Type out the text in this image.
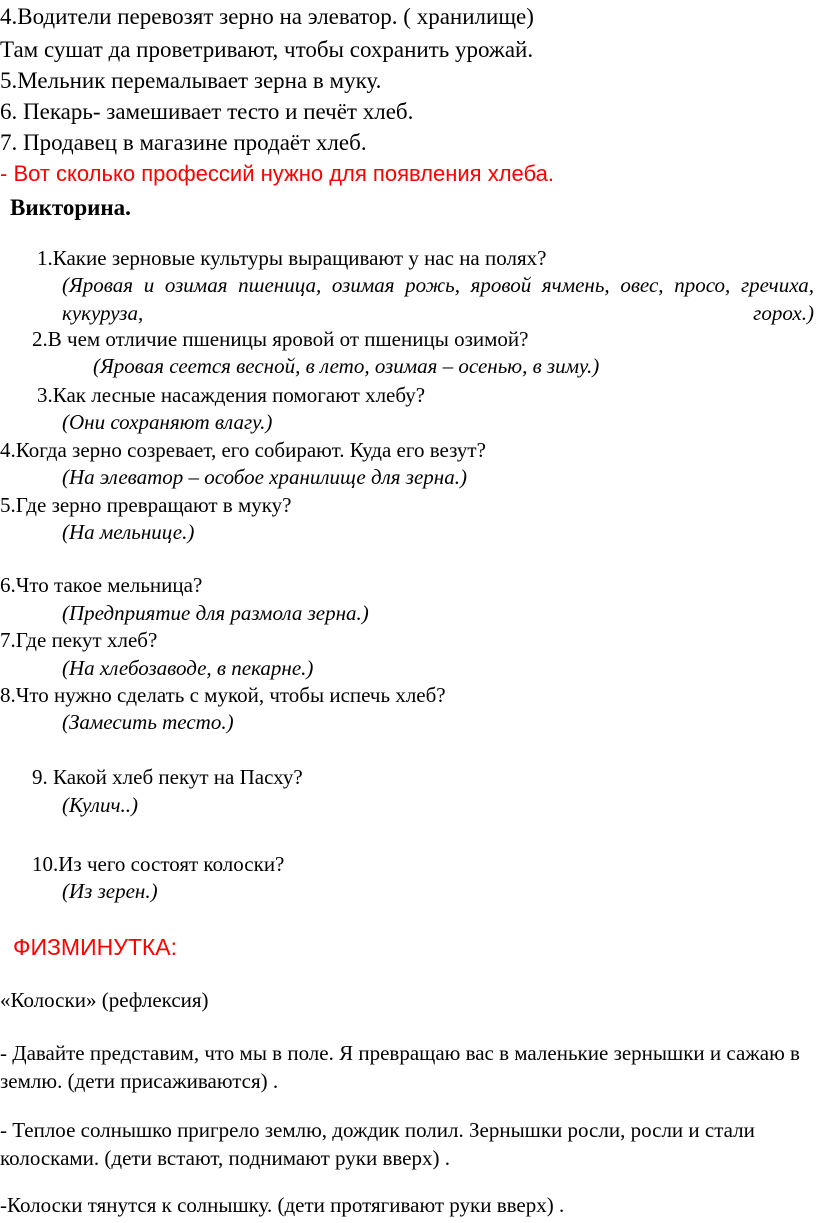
4.Водители перевозят зерно на элеватор. ( хранилище)
Там сушат да проветривают, чтобы сохранить урожай.
5.Мельник перемалывает зерна в муку.
6. Пекарь- замешивает тесто и печёт хлеб.
7. Продавец в магазине продаёт хлеб.
- Вот сколько профессий нужно для появления хлеба.
Викторина.
1.Какие зерновые культуры выращивают у нас на полях?
(Яровая и озимая пшеница, озимая рожь, яровой ячмень, овес, просо, гречиха, кукуруза, горох.)
2.В чем отличие пшеницы яровой от пшеницы озимой?
(Яровая сеется весной, в лето, озимая – осенью, в зиму.)
3.Как лесные насаждения помогают хлебу?
(Они сохраняют влагу.)
4.Когда зерно созревает, его собирают. Куда его везут?
(На элеватор – особое хранилище для зерна.)
5.Где зерно превращают в муку?
(На мельнице.)
6.Что такое мельница?
(Предприятие для размола зерна.)
7.Где пекут хлеб?
(На хлебозаводе, в пекарне.)
8.Что нужно сделать с мукой, чтобы испечь хлеб?
(Замесить тесто.)
9. Какой хлеб пекут на Пасху?
(Кулич..)
10.Из чего состоят колоски?
(Из зерен.)
ФИЗМИНУТКА:
«Колоски» (рефлексия)
- Давайте представим, что мы в поле. Я превращаю вас в маленькие зернышки и сажаю в землю. (дети присаживаются) .
- Теплое солнышко пригрело землю, дождик полил. Зернышки росли, росли и стали колосками. (дети встают, поднимают руки вверх) .
-Колоски тянутся к солнышку. (дети протягивают руки вверх) .
